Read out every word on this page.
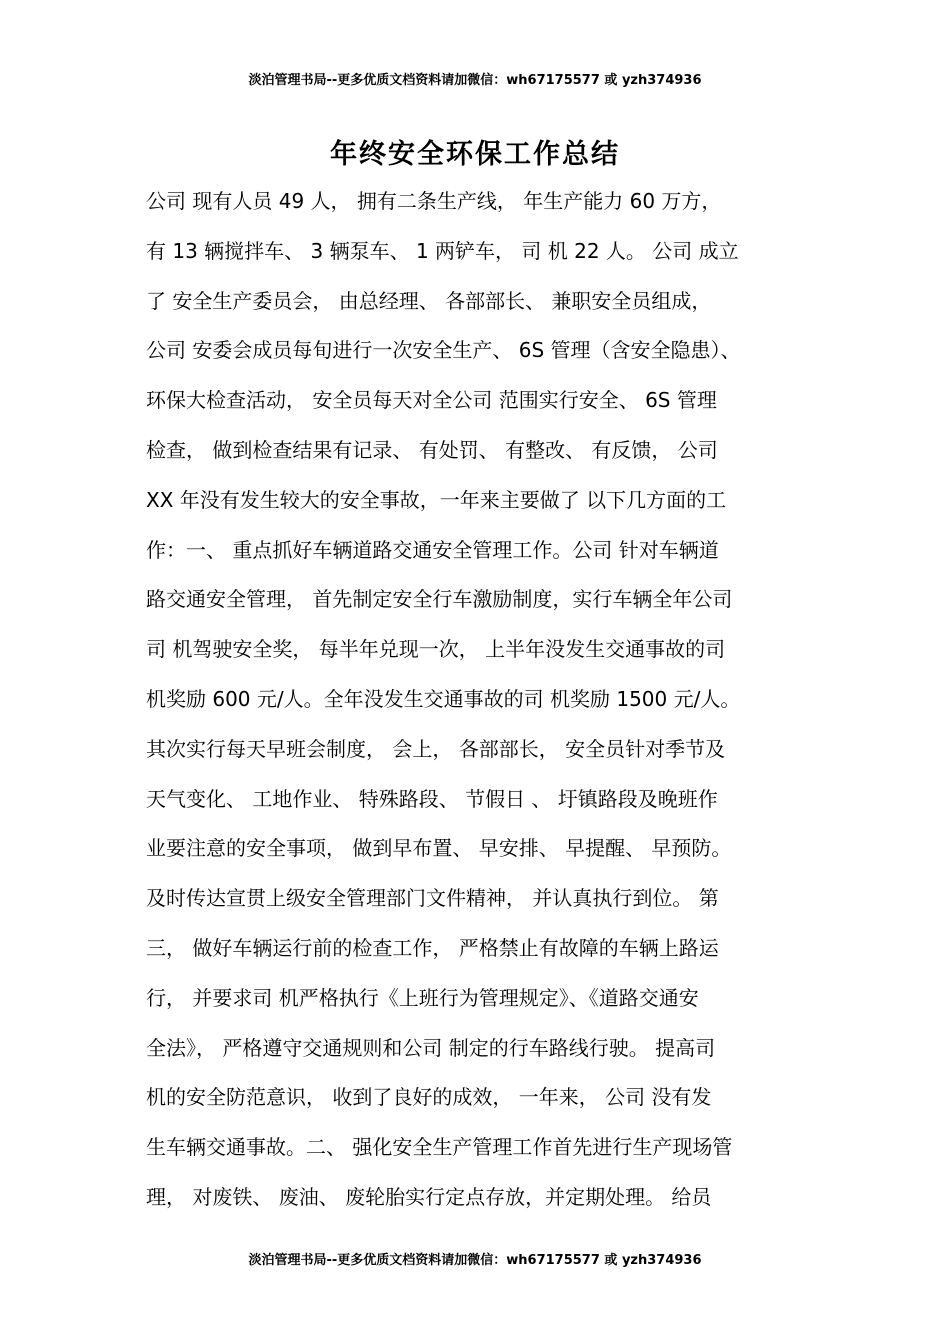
淡泊管理书局--更多优质文档资料请加微信：wh67175577 或 yzh374936
年终安全环保工作总结
公司 现有人员 49 人， 拥有二条生产线， 年生产能力 60 万方，
有 13 辆搅拌车、 3 辆泵车、 1 两铲车， 司 机 22 人。 公司 成立
了 安全生产委员会， 由总经理、 各部部长、 兼职安全员组成，
公司 安委会成员每旬进行一次安全生产、 6S 管理（含安全隐患）、
环保大检查活动， 安全员每天对全公司 范围实行安全、 6S 管理
检查， 做到检查结果有记录、 有处罚、 有整改、 有反馈， 公司
XX 年没有发生较大的安全事故，一年来主要做了 以下几方面的工
作：一、 重点抓好车辆道路交通安全管理工作。公司 针对车辆道
路交通安全管理， 首先制定安全行车激励制度，实行车辆全年公司
司 机驾驶安全奖， 每半年兑现一次， 上半年没发生交通事故的司
机奖励 600 元/人。全年没发生交通事故的司 机奖励 1500 元/人。
其次实行每天早班会制度， 会上， 各部部长， 安全员针对季节及
天气变化、 工地作业、 特殊路段、 节假日 、 圩镇路段及晚班作
业要注意的安全事项， 做到早布置、 早安排、 早提醒、 早预防。
及时传达宣贯上级安全管理部门文件精神， 并认真执行到位。 第
三， 做好车辆运行前的检查工作， 严格禁止有故障的车辆上路运
行， 并要求司 机严格执行《上班行为管理规定》、《道路交通安
全法》， 严格遵守交通规则和公司 制定的行车路线行驶。 提高司
机的安全防范意识， 收到了良好的成效， 一年来， 公司 没有发
生车辆交通事故。二、 强化安全生产管理工作首先进行生产现场管
理， 对废铁、 废油、 废轮胎实行定点存放，并定期处理。 给员
淡泊管理书局--更多优质文档资料请加微信：wh67175577 或 yzh374936
